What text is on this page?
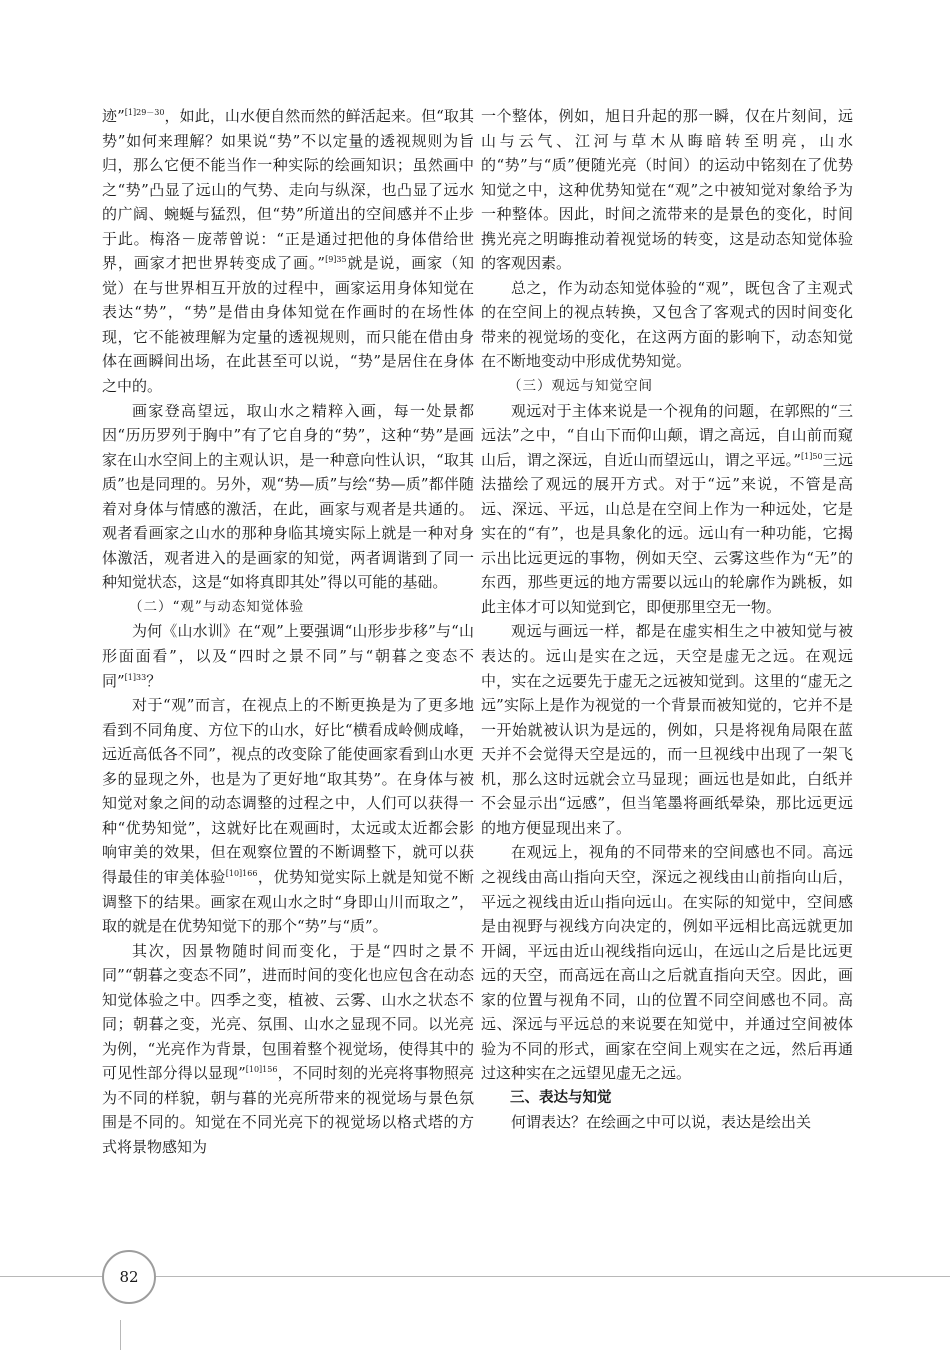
迹”$^{[1]29-30}$，如此，山水便自然而然的鲜活起来。但“取其势”如何来理解？如果说“势”不以定量的透视规则为旨归，那么它便不能当作一种实际的绘画知识；虽然画中之“势”凸显了远山的气势、走向与纵深，也凸显了远水的广阔、蜿蜒与猛烈，但“势”所道出的空间感并不止步于此。梅洛－庞蒂曾说：“正是通过把他的身体借给世界，画家才把世界转变成了画。”$^{[9]35}$就是说，画家（知觉）在与世界相互开放的过程中，画家运用身体知觉在表达“势”，“势”是借由身体知觉在作画时的在场性体现，它不能被理解为定量的透视规则，而只能在借由身体在画瞬间出场，在此甚至可以说，“势”是居住在身体之中的。

画家登高望远，取山水之精粹入画，每一处景都因“历历罗列于胸中”有了它自身的“势”，这种“势”是画家在山水空间上的主观认识，是一种意向性认识，“取其质”也是同理的。另外，观“势—质”与绘“势—质”都伴随着对身体与情感的激活，在此，画家与观者是共通的。观者看画家之山水的那种身临其境实际上就是一种对身体激活，观者进入的是画家的知觉，两者调谐到了同一种知觉状态，这是“如将真即其处”得以可能的基础。

（二）“观”与动态知觉体验

为何《山水训》在“观”上要强调“山形步步移”与“山形面面看”，以及“四时之景不同”与“朝暮之变态不同”$^{[1]33}$？

对于“观”而言，在视点上的不断更换是为了更多地看到不同角度、方位下的山水，好比“横看成岭侧成峰，远近高低各不同”，视点的改变除了能使画家看到山水更多的显现之外，也是为了更好地“取其势”。在身体与被知觉对象之间的动态调整的过程之中，人们可以获得一种“优势知觉”，这就好比在观画时，太远或太近都会影响审美的效果，但在观察位置的不断调整下，就可以获得最佳的审美体验$^{[10]166}$，优势知觉实际上就是知觉不断调整下的结果。画家在观山水之时“身即山川而取之”，取的就是在优势知觉下的那个“势”与“质”。

其次，因景物随时间而变化，于是“四时之景不同”“朝暮之变态不同”，进而时间的变化也应包含在动态知觉体验之中。四季之变，植被、云雾、山水之状态不同；朝暮之变，光亮、氛围、山水之显现不同。以光亮为例，“光亮作为背景，包围着整个视觉场，使得其中的可见性部分得以显现”$^{[10]156}$，不同时刻的光亮将事物照亮为不同的样貌，朝与暮的光亮所带来的视觉场与景色氛围是不同的。知觉在不同光亮下的视觉场以格式塔的方式将景物感知为

一个整体，例如，旭日升起的那一瞬，仅在片刻间，远山与云气、江河与草木从晦暗转至明亮，山水的“势”与“质”便随光亮（时间）的运动中铭刻在了优势知觉之中，这种优势知觉在“观”之中被知觉对象给予为一种整体。因此，时间之流带来的是景色的变化，时间携光亮之明晦推动着视觉场的转变，这是动态知觉体验的客观因素。

总之，作为动态知觉体验的“观”，既包含了主观式的在空间上的视点转换，又包含了客观式的因时间变化带来的视觉场的变化，在这两方面的影响下，动态知觉在不断地变动中形成优势知觉。

（三）观远与知觉空间

观远对于主体来说是一个视角的问题，在郭熙的“三远法”之中，“自山下而仰山颠，谓之高远，自山前而窥山后，谓之深远，自近山而望远山，谓之平远。”$^{[1]50}$三远法描绘了观远的展开方式。对于“远”来说，不管是高远、深远、平远，山总是在空间上作为一种远处，它是实在的“有”，也是具象化的远。远山有一种功能，它揭示出比远更远的事物，例如天空、云雾这些作为“无”的东西，那些更远的地方需要以远山的轮廓作为跳板，如此主体才可以知觉到它，即便那里空无一物。

观远与画远一样，都是在虚实相生之中被知觉与被表达的。远山是实在之远，天空是虚无之远。在观远中，实在之远要先于虚无之远被知觉到。这里的“虚无之远”实际上是作为视觉的一个背景而被知觉的，它并不是一开始就被认识为是远的，例如，只是将视角局限在蓝天并不会觉得天空是远的，而一旦视线中出现了一架飞机，那么这时远就会立马显现；画远也是如此，白纸并不会显示出“远感”，但当笔墨将画纸晕染，那比远更远的地方便显现出来了。

在观远上，视角的不同带来的空间感也不同。高远之视线由高山指向天空，深远之视线由山前指向山后，平远之视线由近山指向远山。在实际的知觉中，空间感是由视野与视线方向决定的，例如平远相比高远就更加开阔，平远由近山视线指向远山，在远山之后是比远更远的天空，而高远在高山之后就直指向天空。因此，画家的位置与视角不同，山的位置不同空间感也不同。高远、深远与平远总的来说要在知觉中，并通过空间被体验为不同的形式，画家在空间上观实在之远，然后再通过这种实在之远望见虚无之远。

三、表达与知觉

何谓表达？在绘画之中可以说，表达是绘出关

82
